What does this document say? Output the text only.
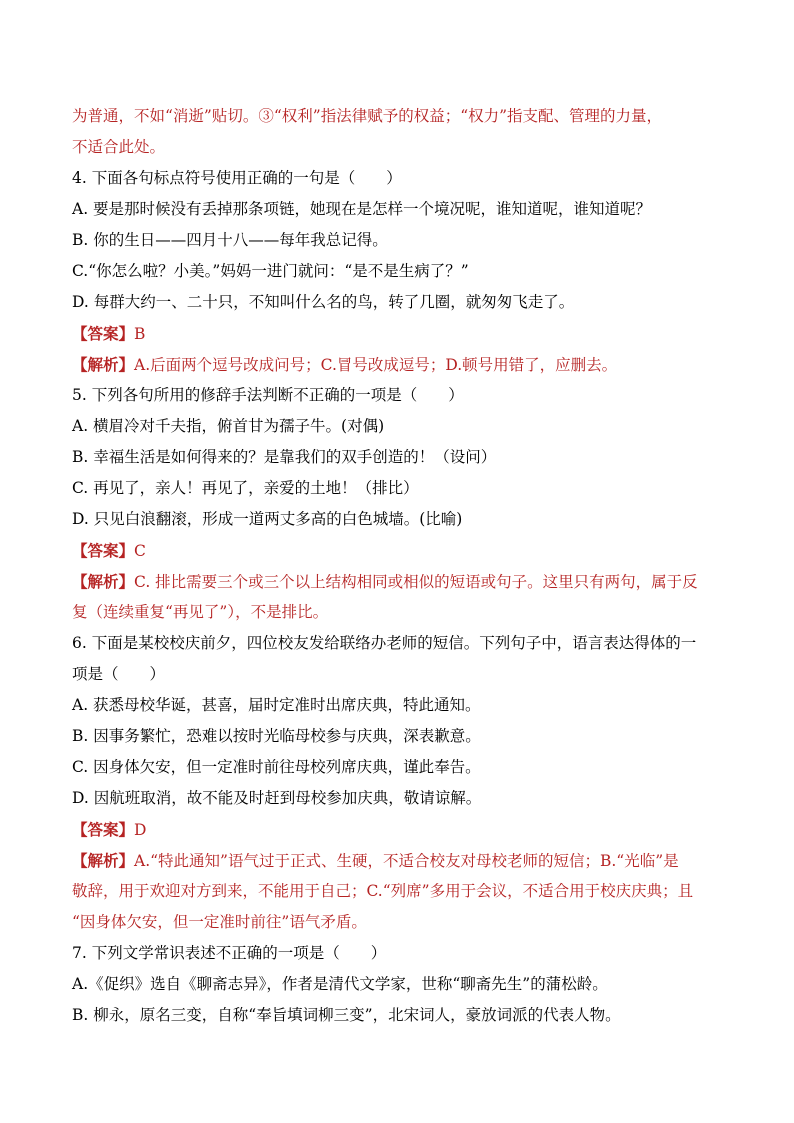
为普通，不如“消逝”贴切。③“权利”指法律赋予的权益；“权力”指支配、管理的力量，
不适合此处。
4. 下面各句标点符号使用正确的一句是（　　）
A. 要是那时候没有丢掉那条项链，她现在是怎样一个境况呢，谁知道呢，谁知道呢？
B. 你的生日——四月十八——每年我总记得。
C.“你怎么啦？小美。”妈妈一进门就问：“是不是生病了？”
D. 每群大约一、二十只，不知叫什么名的鸟，转了几圈，就匆匆飞走了。
【答案】B
【解析】A.后面两个逗号改成问号；C.冒号改成逗号；D.顿号用错了，应删去。
5. 下列各句所用的修辞手法判断不正确的一项是（　　）
A. 横眉冷对千夫指，俯首甘为孺子牛。(对偶)
B. 幸福生活是如何得来的？是靠我们的双手创造的！（设问）
C. 再见了，亲人！再见了，亲爱的土地！（排比）
D. 只见白浪翻滚，形成一道两丈多高的白色城墙。(比喻)
【答案】C
【解析】C. 排比需要三个或三个以上结构相同或相似的短语或句子。这里只有两句，属于反
复（连续重复“再见了”），不是排比。
6. 下面是某校校庆前夕，四位校友发给联络办老师的短信。下列句子中，语言表达得体的一
项是（　　）
A. 获悉母校华诞，甚喜，届时定准时出席庆典，特此通知。
B. 因事务繁忙，恐难以按时光临母校参与庆典，深表歉意。
C. 因身体欠安，但一定准时前往母校列席庆典，谨此奉告。
D. 因航班取消，故不能及时赶到母校参加庆典，敬请谅解。
【答案】D
【解析】A.“特此通知”语气过于正式、生硬，不适合校友对母校老师的短信；B.“光临”是
敬辞，用于欢迎对方到来，不能用于自己；C.“列席”多用于会议，不适合用于校庆庆典；且
“因身体欠安，但一定准时前往”语气矛盾。
7. 下列文学常识表述不正确的一项是（　　）
A.《促织》选自《聊斋志异》，作者是清代文学家，世称“聊斋先生”的蒲松龄。
B. 柳永，原名三变，自称“奉旨填词柳三变”，北宋词人，豪放词派的代表人物。
